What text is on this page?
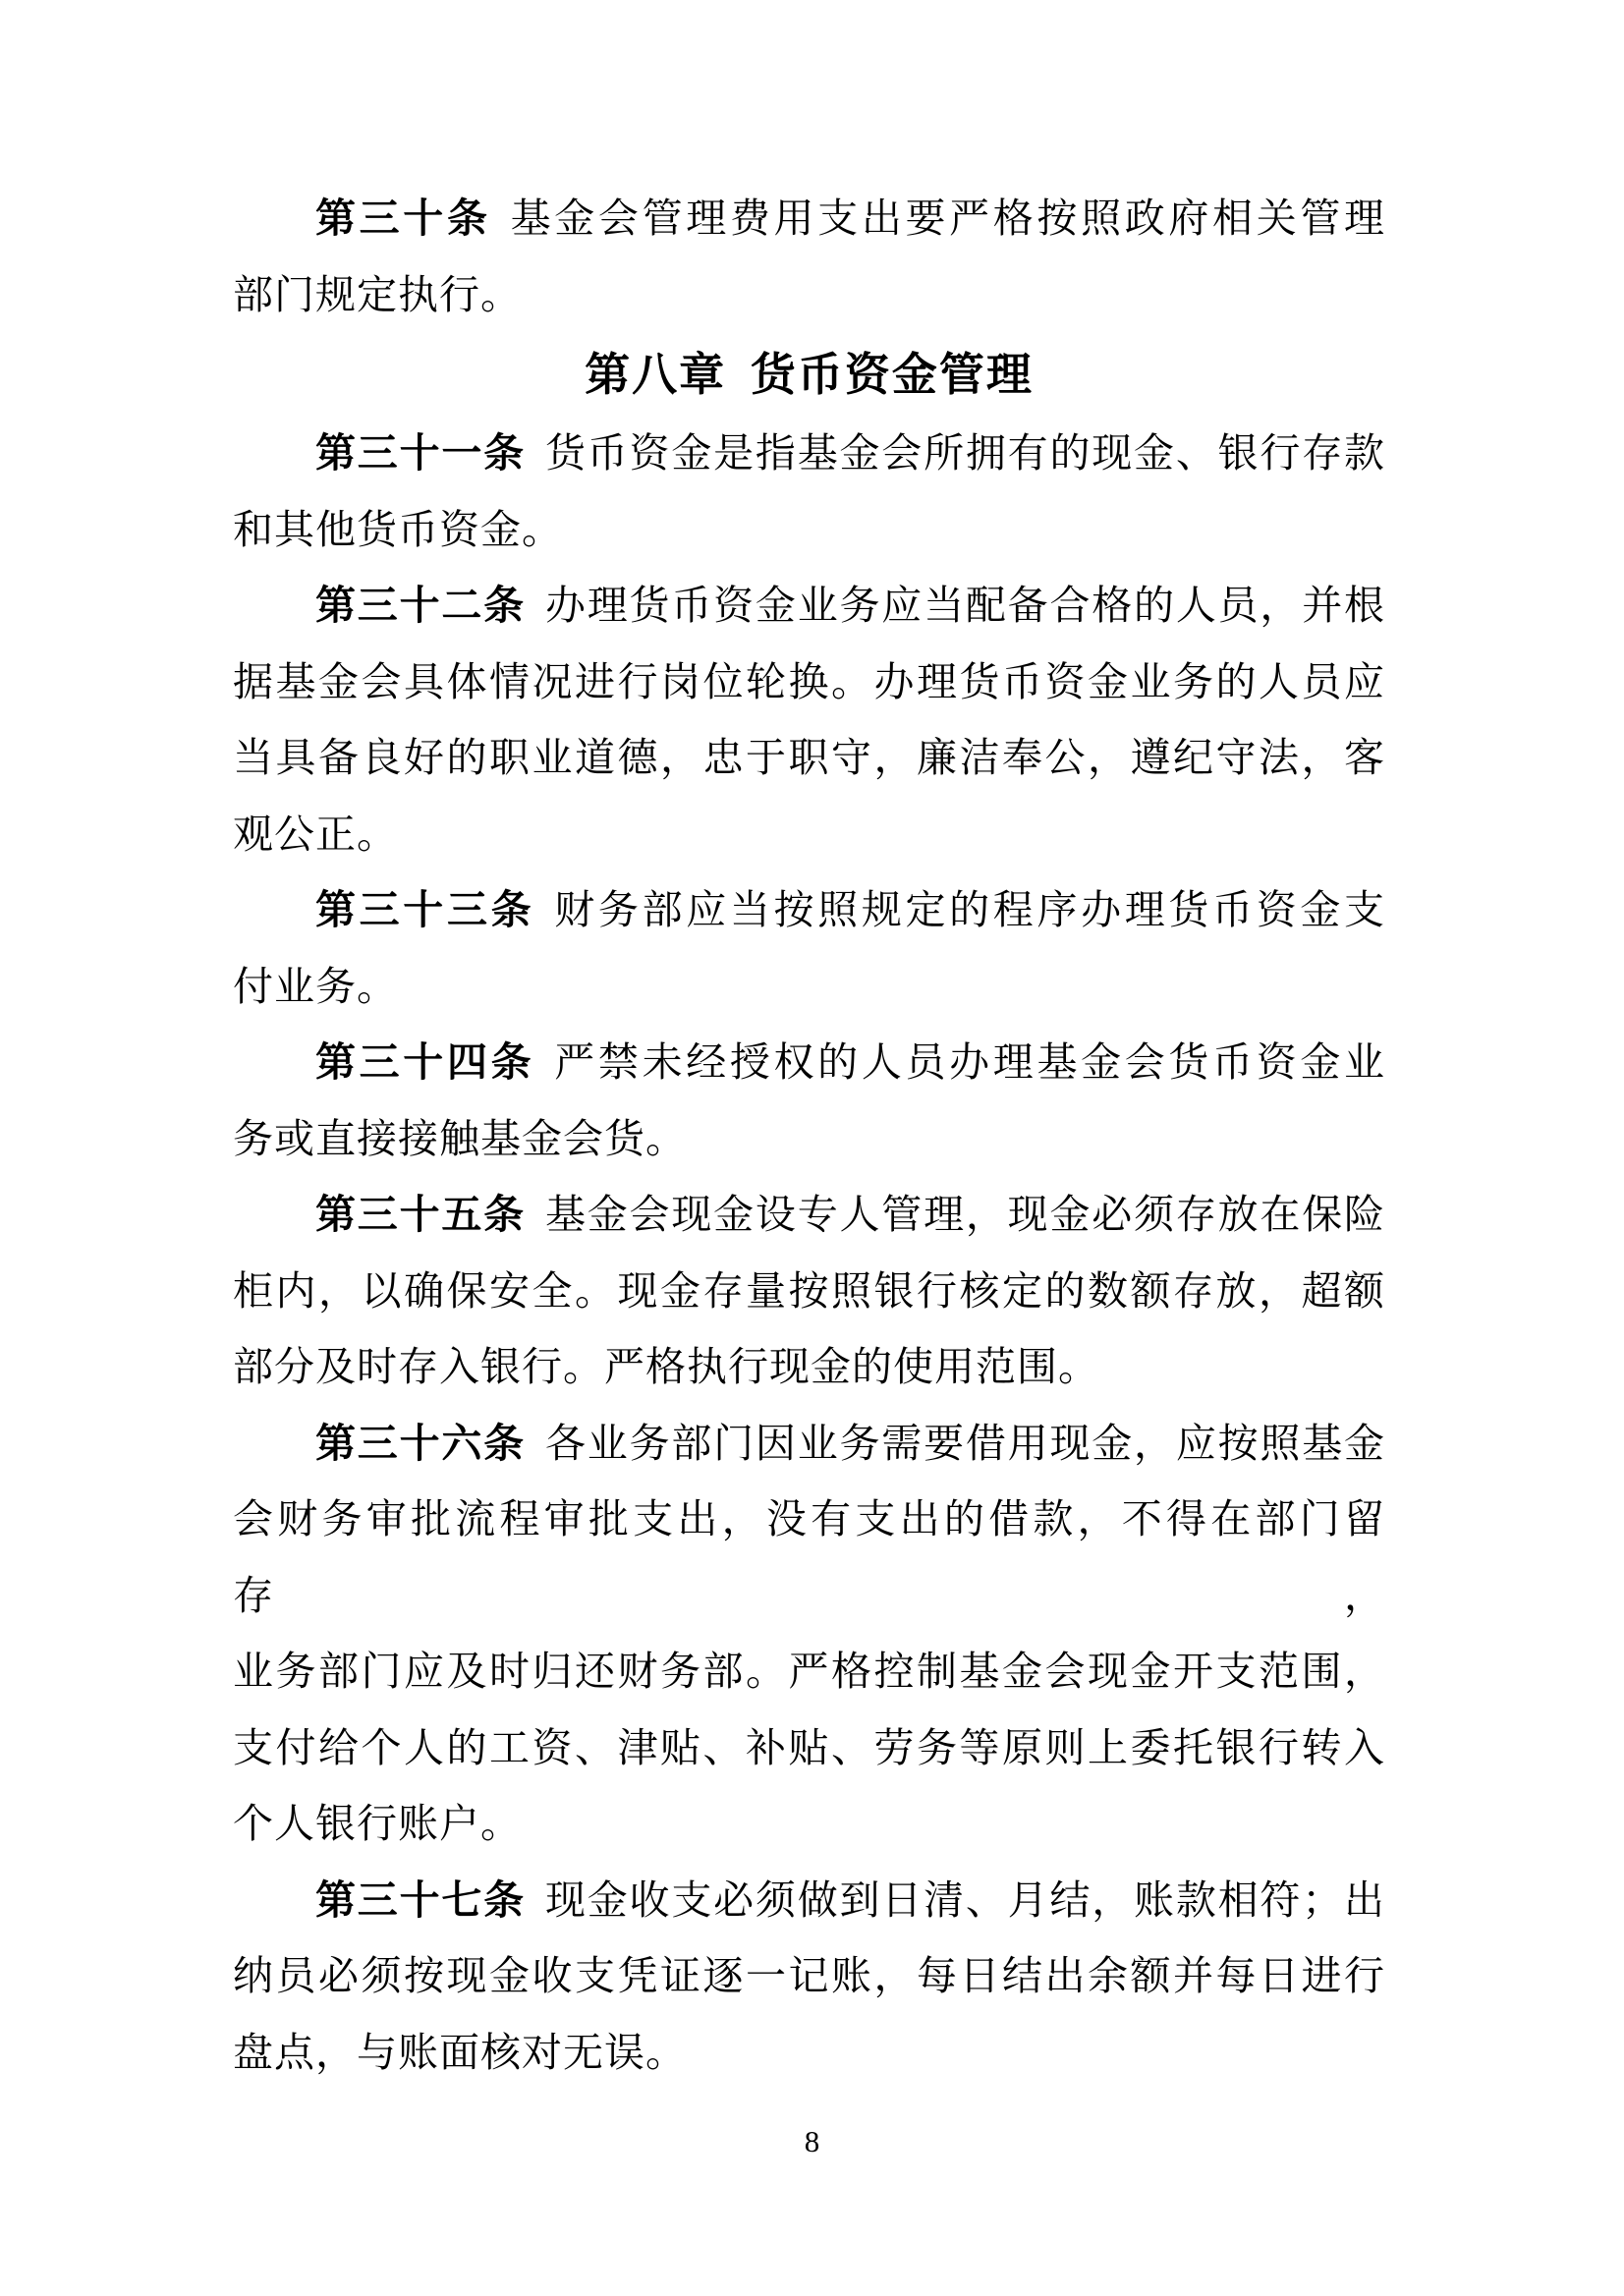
第三十条 基金会管理费用支出要严格按照政府相关管理
部门规定执行。
第八章 货币资金管理
第三十一条 货币资金是指基金会所拥有的现金、银行存款
和其他货币资金。
第三十二条 办理货币资金业务应当配备合格的人员，并根
据基金会具体情况进行岗位轮换。办理货币资金业务的人员应
当具备良好的职业道德，忠于职守，廉洁奉公，遵纪守法，客
观公正。
第三十三条 财务部应当按照规定的程序办理货币资金支
付业务。
第三十四条 严禁未经授权的人员办理基金会货币资金业
务或直接接触基金会货。
第三十五条 基金会现金设专人管理，现金必须存放在保险
柜内，以确保安全。现金存量按照银行核定的数额存放，超额
部分及时存入银行。严格执行现金的使用范围。
第三十六条 各业务部门因业务需要借用现金，应按照基金
会财务审批流程审批支出，没有支出的借款，不得在部门留存，
业务部门应及时归还财务部。严格控制基金会现金开支范围，
支付给个人的工资、津贴、补贴、劳务等原则上委托银行转入
个人银行账户。
第三十七条 现金收支必须做到日清、月结，账款相符；出
纳员必须按现金收支凭证逐一记账，每日结出余额并每日进行
盘点，与账面核对无误。
8
